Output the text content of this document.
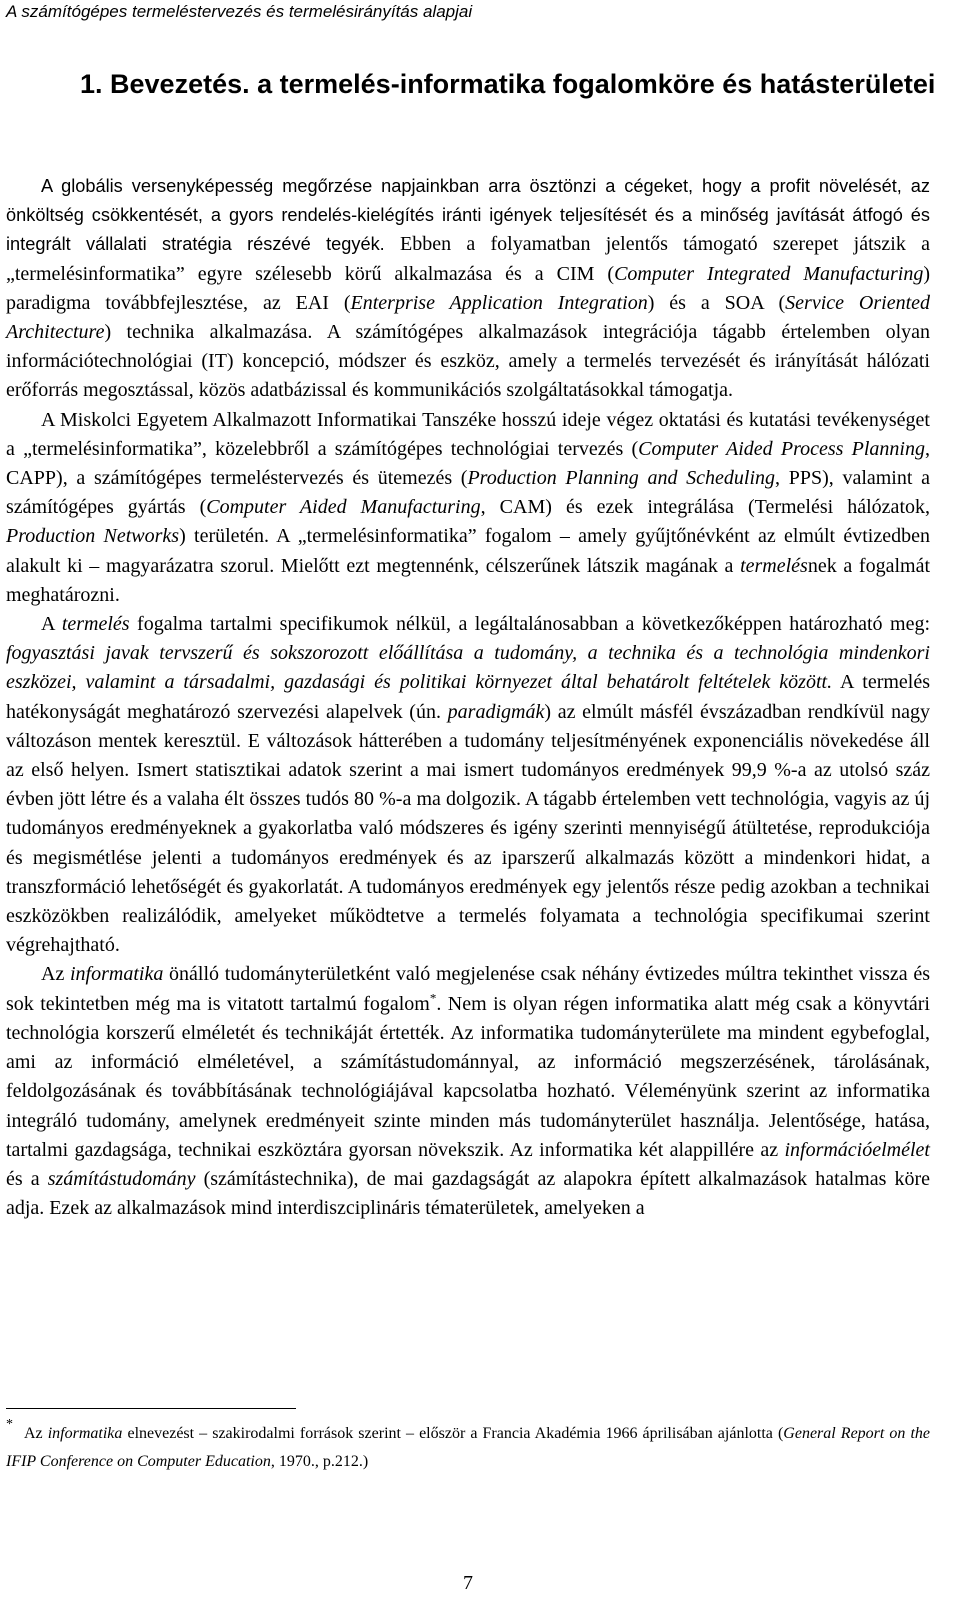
A számítógépes termeléstervezés és termelésirányítás alapjai
1. Bevezetés. a termelés-informatika fogalomköre és hatásterületei

A globális versenyképesség megőrzése napjainkban arra ösztönzi a cégeket, hogy a profit növelését, az önköltség csökkentését, a gyors rendelés-kielégítés iránti igények teljesítését és a minőség javítását átfogó és integrált vállalati stratégia részévé tegyék. Ebben a folyamatban jelentős támogató szerepet játszik a „termelésinformatika” egyre szélesebb körű alkalmazása és a CIM (Computer Integrated Manufacturing) paradigma továbbfejlesztése, az EAI (Enterprise Application Integration) és a SOA (Service Oriented Architecture) technika alkalmazása. A számítógépes alkalmazások integrációja tágabb értelemben olyan információtechnológiai (IT) koncepció, módszer és eszköz, amely a termelés tervezését és irányítását hálózati erőforrás megosztással, közös adatbázissal és kommunikációs szolgáltatásokkal támogatja.

A Miskolci Egyetem Alkalmazott Informatikai Tanszéke hosszú ideje végez oktatási és kutatási tevékenységet a „termelésinformatika”, közelebbről a számítógépes technológiai tervezés (Computer Aided Process Planning, CAPP), a számítógépes termeléstervezés és ütemezés (Production Planning and Scheduling, PPS), valamint a számítógépes gyártás (Computer Aided Manufacturing, CAM) és ezek integrálása (Termelési hálózatok, Production Networks) területén. A „termelésinformatika” fogalom – amely gyűjtőnévként az elmúlt évtizedben alakult ki – magyarázatra szorul. Mielőtt ezt megtennénk, célszerűnek látszik magának a termelésnek a fogalmát meghatározni.

A termelés fogalma tartalmi specifikumok nélkül, a legáltalánosabban a következőképpen határozható meg: fogyasztási javak tervszerű és sokszorozott előállítása a tudomány, a technika és a technológia mindenkori eszközei, valamint a társadalmi, gazdasági és politikai környezet által behatárolt feltételek között. A termelés hatékonyságát meghatározó szervezési alapelvek (ún. paradigmák) az elmúlt másfél évszázadban rendkívül nagy változáson mentek keresztül. E változások hátterében a tudomány teljesítményének exponenciális növekedése áll az első helyen. Ismert statisztikai adatok szerint a mai ismert tudományos eredmények 99,9 %-a az utolsó száz évben jött létre és a valaha élt összes tudós 80 %-a ma dolgozik. A tágabb értelemben vett technológia, vagyis az új tudományos eredményeknek a gyakorlatba való módszeres és igény szerinti mennyiségű átültetése, reprodukciója és megismétlése jelenti a tudományos eredmények és az iparszerű alkalmazás között a mindenkori hidat, a transzformáció lehetőségét és gyakorlatát. A tudományos eredmények egy jelentős része pedig azokban a technikai eszközökben realizálódik, amelyeket működtetve a termelés folyamata a technológia specifikumai szerint végrehajtható.

Az informatika önálló tudományterületként való megjelenése csak néhány évtizedes múltra tekinthet vissza és sok tekintetben még ma is vitatott tartalmú fogalom*. Nem is olyan régen informatika alatt még csak a könyvtári technológia korszerű elméletét és technikáját értették. Az informatika tudományterülete ma mindent egybefoglal, ami az információ elméletével, a számítástudománnyal, az információ megszerzésének, tárolásának, feldolgozásának és továbbításának technológiájával kapcsolatba hozható. Véleményünk szerint az informatika integráló tudomány, amelynek eredményeit szinte minden más tudományterület használja. Jelentősége, hatása, tartalmi gazdagsága, technikai eszköztára gyorsan növekszik. Az informatika két alappillére az információelmélet és a számítástudomány (számítástechnika), de mai gazdagságát az alapokra épített alkalmazások hatalmas köre adja. Ezek az alkalmazások mind interdiszciplináris tématerületek, amelyeken a

*Az informatika elnevezést – szakirodalmi források szerint – először a Francia Akadémia 1966 áprilisában ajánlotta (General Report on the IFIP Conference on Computer Education, 1970., p.212.)

7
